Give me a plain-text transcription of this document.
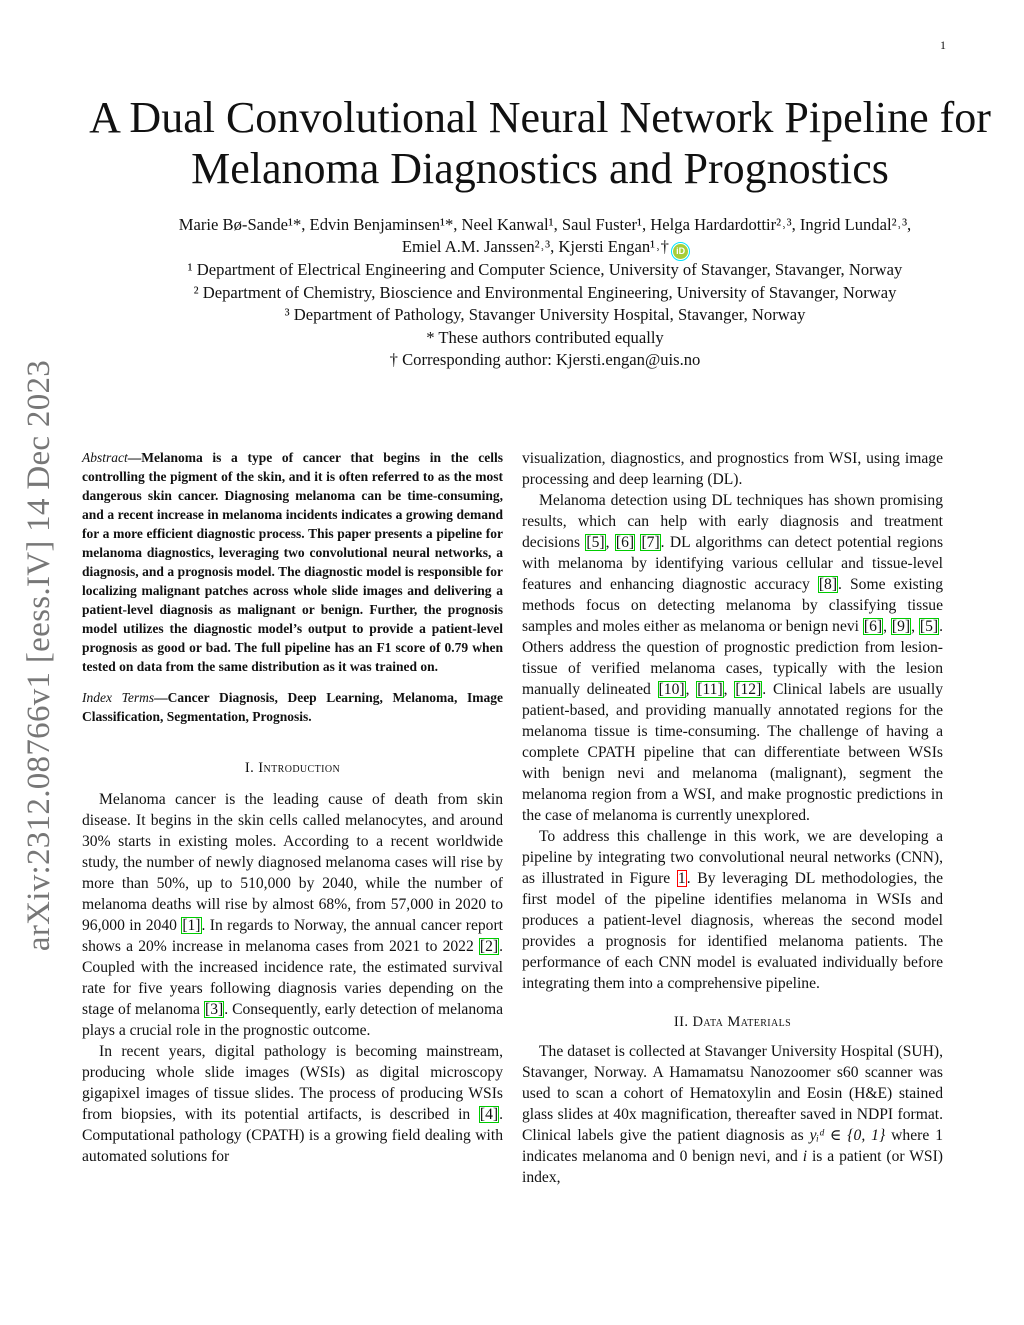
1
arXiv:2312.08766v1 [eess.IV] 14 Dec 2023
A Dual Convolutional Neural Network Pipeline for Melanoma Diagnostics and Prognostics
Marie Bø-Sande¹*, Edvin Benjaminsen¹*, Neel Kanwal¹, Saul Fuster¹, Helga Hardardottir²˒³, Ingrid Lundal²˒³,
Emiel A.M. Janssen²˒³, Kjersti Engan¹˒† iD
¹ Department of Electrical Engineering and Computer Science, University of Stavanger, Stavanger, Norway
² Department of Chemistry, Bioscience and Environmental Engineering, University of Stavanger, Norway
³ Department of Pathology, Stavanger University Hospital, Stavanger, Norway
* These authors contributed equally
† Corresponding author: Kjersti.engan@uis.no

Abstract—Melanoma is a type of cancer that begins in the cells controlling the pigment of the skin, and it is often referred to as the most dangerous skin cancer. Diagnosing melanoma can be time-consuming, and a recent increase in melanoma incidents indicates a growing demand for a more efficient diagnostic process. This paper presents a pipeline for melanoma diagnostics, leveraging two convolutional neural networks, a diagnosis, and a prognosis model. The diagnostic model is responsible for localizing malignant patches across whole slide images and delivering a patient-level diagnosis as malignant or benign. Further, the prognosis model utilizes the diagnostic model’s output to provide a patient-level prognosis as good or bad. The full pipeline has an F1 score of 0.79 when tested on data from the same distribution as it was trained on.

Index Terms—Cancer Diagnosis, Deep Learning, Melanoma, Image Classification, Segmentation, Prognosis.

I. Introduction

Melanoma cancer is the leading cause of death from skin disease. It begins in the skin cells called melanocytes, and around 30% starts in existing moles. According to a recent worldwide study, the number of newly diagnosed melanoma cases will rise by more than 50%, up to 510,000 by 2040, while the number of melanoma deaths will rise by almost 68%, from 57,000 in 2020 to 96,000 in 2040 [1]. In regards to Norway, the annual cancer report shows a 20% increase in melanoma cases from 2021 to 2022 [2]. Coupled with the increased incidence rate, the estimated survival rate for five years following diagnosis varies depending on the stage of melanoma [3]. Consequently, early detection of melanoma plays a crucial role in the prognostic outcome.

In recent years, digital pathology is becoming mainstream, producing whole slide images (WSIs) as digital microscopy gigapixel images of tissue slides. The process of producing WSIs from biopsies, with its potential artifacts, is described in [4]. Computational pathology (CPATH) is a growing field dealing with automated solutions for

visualization, diagnostics, and prognostics from WSI, using image processing and deep learning (DL).

Melanoma detection using DL techniques has shown promising results, which can help with early diagnosis and treatment decisions [5], [6] [7]. DL algorithms can detect potential regions with melanoma by identifying various cellular and tissue-level features and enhancing diagnostic accuracy [8]. Some existing methods focus on detecting melanoma by classifying tissue samples and moles either as melanoma or benign nevi [6], [9], [5]. Others address the question of prognostic prediction from lesion-tissue of verified melanoma cases, typically with the lesion manually delineated [10], [11], [12]. Clinical labels are usually patient-based, and providing manually annotated regions for the melanoma tissue is time-consuming. The challenge of having a complete CPATH pipeline that can differentiate between WSIs with benign nevi and melanoma (malignant), segment the melanoma region from a WSI, and make prognostic predictions in the case of melanoma is currently unexplored.

To address this challenge in this work, we are developing a pipeline by integrating two convolutional neural networks (CNN), as illustrated in Figure 1. By leveraging DL methodologies, the first model of the pipeline identifies melanoma in WSIs and produces a patient-level diagnosis, whereas the second model provides a prognosis for identified melanoma patients. The performance of each CNN model is evaluated individually before integrating them into a comprehensive pipeline.

II. Data Materials

The dataset is collected at Stavanger University Hospital (SUH), Stavanger, Norway. A Hamamatsu Nanozoomer s60 scanner was used to scan a cohort of Hematoxylin and Eosin (H&E) stained glass slides at 40x magnification, thereafter saved in NDPI format. Clinical labels give the patient diagnosis as yᵢᵈ ∈ {0, 1} where 1 indicates melanoma and 0 benign nevi, and i is a patient (or WSI) index,
